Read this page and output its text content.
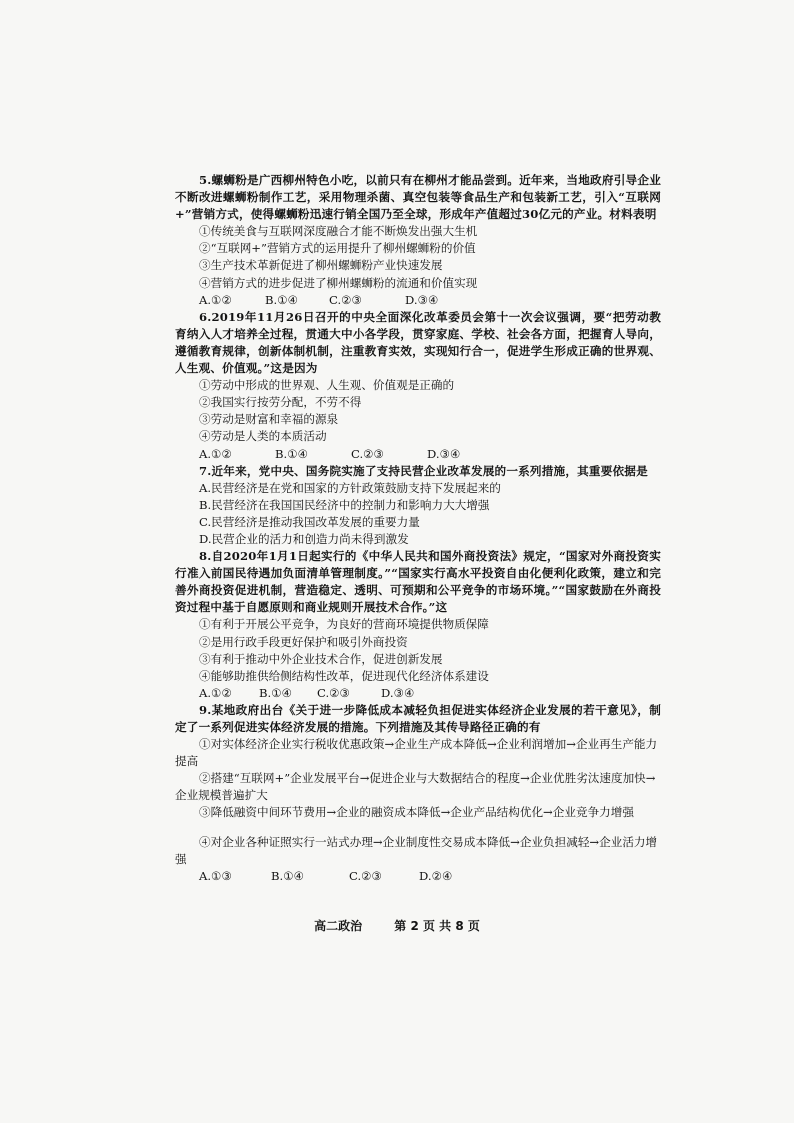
5.螺蛳粉是广西柳州特色小吃，以前只有在柳州才能品尝到。近年来，当地政府引导企业不断改进螺蛳粉制作工艺，采用物理杀菌、真空包装等食品生产和包装新工艺，引入“互联网+”营销方式，使得螺蛳粉迅速行销全国乃至全球，形成年产值超过30亿元的产业。材料表明
①传统美食与互联网深度融合才能不断焕发出强大生机
②“互联网+”营销方式的运用提升了柳州螺蛳粉的价值
③生产技术革新促进了柳州螺蛳粉产业快速发展
④营销方式的进步促进了柳州螺蛳粉的流通和价值实现
A.①②	B.①④	C.②③	D.③④
6.2019年11月26日召开的中央全面深化改革委员会第十一次会议强调，要“把劳动教育纳入人才培养全过程，贯通大中小各学段，贯穿家庭、学校、社会各方面，把握育人导向，遵循教育规律，创新体制机制，注重教育实效，实现知行合一，促进学生形成正确的世界观、人生观、价值观。”这是因为
①劳动中形成的世界观、人生观、价值观是正确的
②我国实行按劳分配，不劳不得
③劳动是财富和幸福的源泉
④劳动是人类的本质活动
A.①②	B.①④	C.②③	D.③④
7.近年来，党中央、国务院实施了支持民营企业改革发展的一系列措施，其重要依据是
A.民营经济是在党和国家的方针政策鼓励支持下发展起来的
B.民营经济在我国国民经济中的控制力和影响力大大增强
C.民营经济是推动我国改革发展的重要力量
D.民营企业的活力和创造力尚未得到激发
8.自2020年1月1日起实行的《中华人民共和国外商投资法》规定，“国家对外商投资实行准入前国民待遇加负面清单管理制度。”“国家实行高水平投资自由化便利化政策，建立和完善外商投资促进机制，营造稳定、透明、可预期和公平竞争的市场环境。”“国家鼓励在外商投资过程中基于自愿原则和商业规则开展技术合作。”这
①有利于开展公平竞争，为良好的营商环境提供物质保障
②是用行政手段更好保护和吸引外商投资
③有利于推动中外企业技术合作，促进创新发展
④能够助推供给侧结构性改革，促进现代化经济体系建设
A.①②	B.①④	C.②③	D.③④
9.某地政府出台《关于进一步降低成本减轻负担促进实体经济企业发展的若干意见》，制定了一系列促进实体经济发展的措施。下列措施及其传导路径正确的有
①对实体经济企业实行税收优惠政策→企业生产成本降低→企业利润增加→企业再生产能力提高
②搭建“互联网+”企业发展平台→促进企业与大数据结合的程度→企业优胜劣汰速度加快→企业规模普遍扩大
③降低融资中间环节费用→企业的融资成本降低→企业产品结构优化→企业竞争力增强
④对企业各种证照实行一站式办理→企业制度性交易成本降低→企业负担减轻→企业活力增强
A.①③	B.①④	C.②③	D.②④
高二政治	第 2 页 共 8 页
